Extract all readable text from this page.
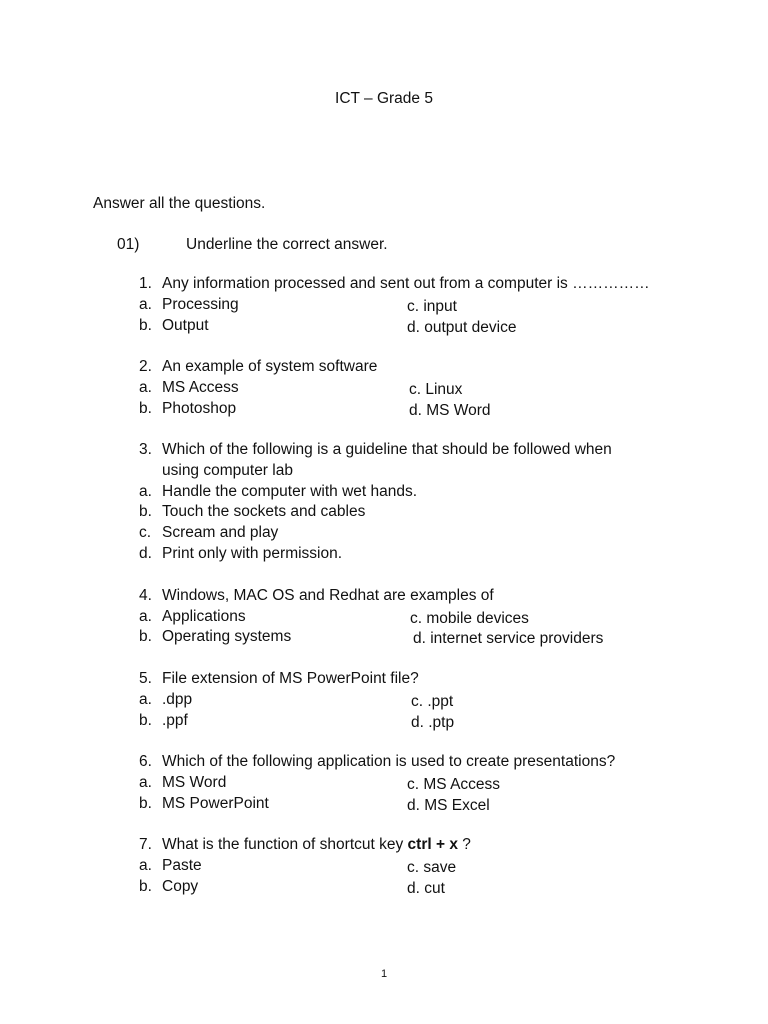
ICT – Grade 5
Answer all the questions.
01)	Underline the correct answer.
1. Any information processed and sent out from a computer is ……………
a. Processing	c. input
b. Output	d. output device
2. An example of system software
a. MS Access	c. Linux
b. Photoshop	d. MS Word
3. Which of the following is a guideline that should be followed when
using computer lab
a. Handle the computer with wet hands.
b. Touch the sockets and cables
c. Scream and play
d. Print only with permission.
4. Windows, MAC OS and Redhat are examples of
a. Applications	c. mobile devices
b. Operating systems	d. internet service providers
5. File extension of MS PowerPoint file?
a. .dpp	c. .ppt
b. .ppf	d. .ptp
6. Which of the following application is used to create presentations?
a. MS Word	c. MS Access
b. MS PowerPoint	d. MS Excel
7. What is the function of shortcut key ctrl + x ?
a. Paste	c. save
b. Copy	d. cut
1
